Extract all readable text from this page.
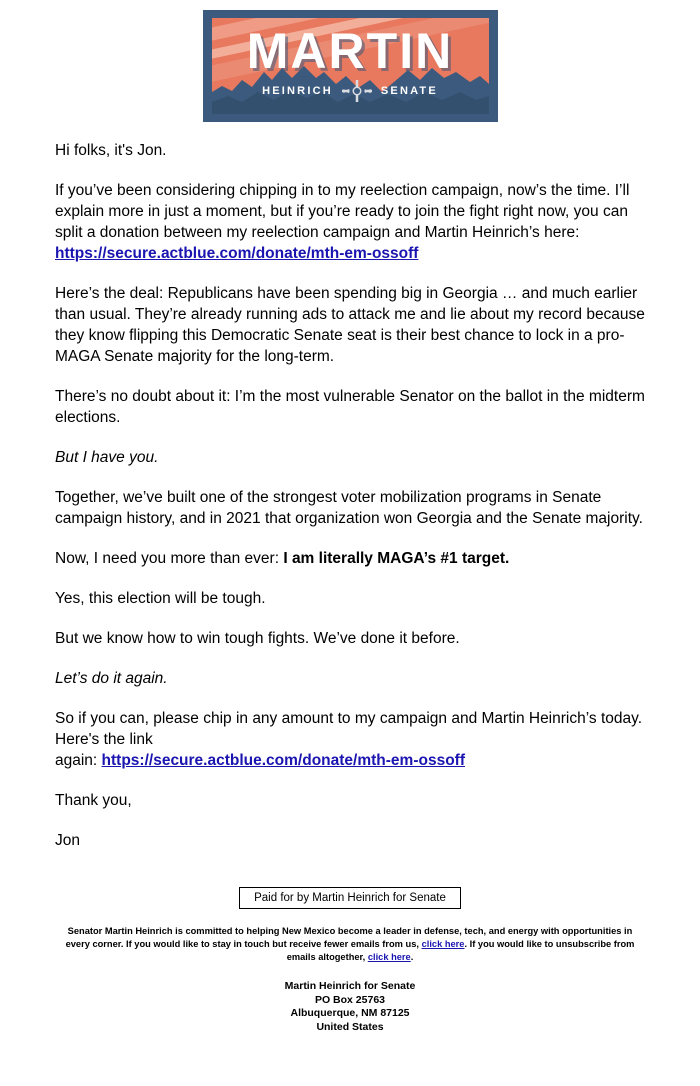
MARTIN
HEINRICH	SENATE

Hi folks, it's Jon.

If you’ve been considering chipping in to my reelection campaign, now’s the time. I’ll explain more in just a moment, but if you’re ready to join the fight right now, you can split a donation between my reelection campaign and Martin Heinrich’s here: https://secure.actblue.com/donate/mth-em-ossoff

Here’s the deal: Republicans have been spending big in Georgia … and much earlier than usual. They’re already running ads to attack me and lie about my record because they know flipping this Democratic Senate seat is their best chance to lock in a pro-MAGA Senate majority for the long-term.

There’s no doubt about it: I’m the most vulnerable Senator on the ballot in the midterm elections.

But I have you.

Together, we’ve built one of the strongest voter mobilization programs in Senate campaign history, and in 2021 that organization won Georgia and the Senate majority.

Now, I need you more than ever: I am literally MAGA’s #1 target.

Yes, this election will be tough.

But we know how to win tough fights. We’ve done it before.

Let’s do it again.

So if you can, please chip in any amount to my campaign and Martin Heinrich’s today. Here's the link
again: https://secure.actblue.com/donate/mth-em-ossoff

Thank you,

Jon

Paid for by Martin Heinrich for Senate
Senator Martin Heinrich is committed to helping New Mexico become a leader in defense, tech, and energy with opportunities in every corner. If you would like to stay in touch but receive fewer emails from us, click here. If you would like to unsubscribe from emails altogether, click here.
Martin Heinrich for Senate
PO Box 25763
Albuquerque, NM 87125
United States
